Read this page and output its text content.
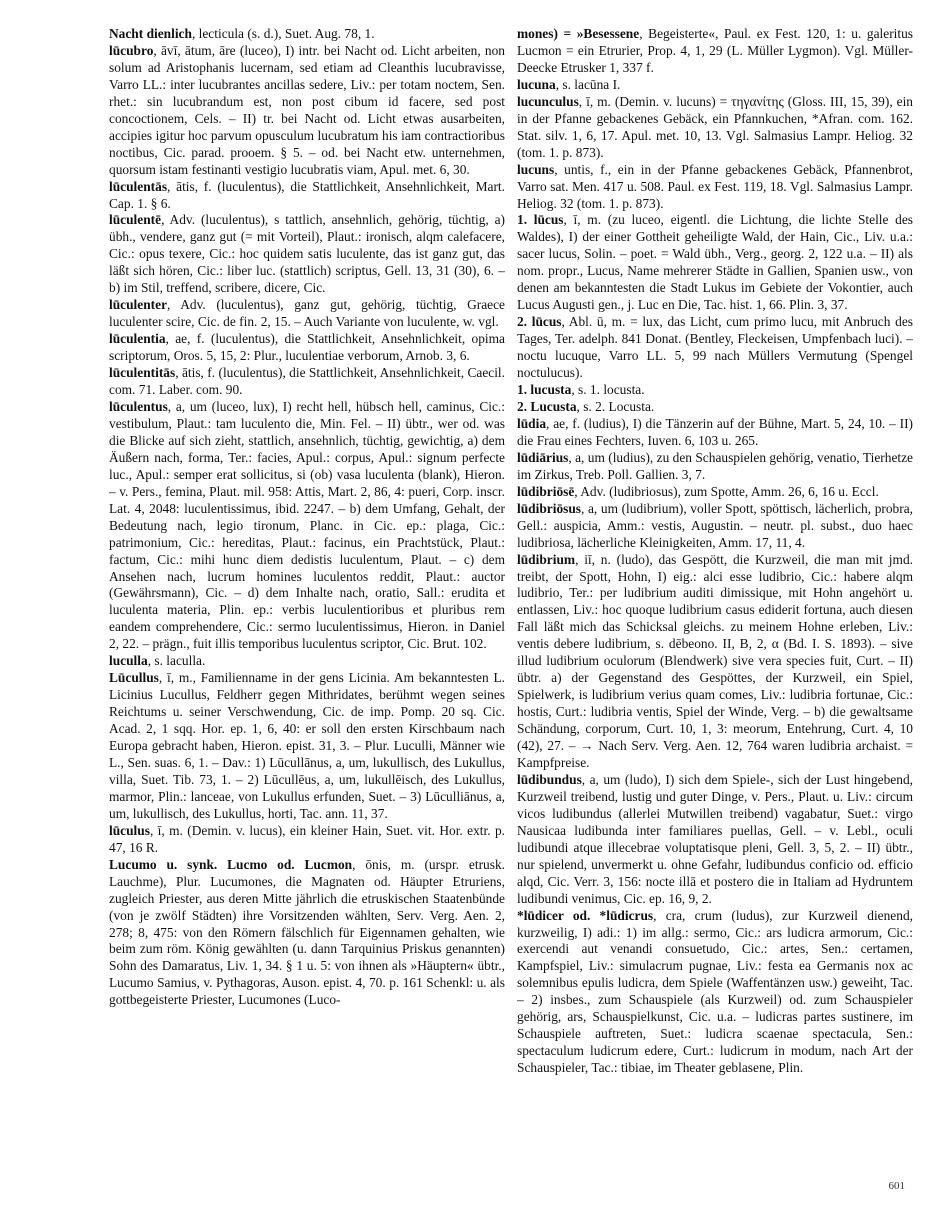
Nacht dienlich, lecticula (s. d.), Suet. Aug. 78, 1.

lūcubro, āvī, ātum, āre (luceo), I) intr. bei Nacht od. Licht arbeiten, non solum ad Aristophanis lucernam, sed etiam ad Cleanthis lucubravisse, Varro LL.: inter lucubrantes ancillas sedere, Liv.: per totam noctem, Sen. rhet.: sin lucubrandum est, non post cibum id facere, sed post concoctionem, Cels. – II) tr. bei Nacht od. Licht etwas ausarbeiten, accipies igitur hoc parvum opusculum lucubratum his iam contractioribus noctibus, Cic. parad. prooem. § 5. – od. bei Nacht etw. unternehmen, quorsum istam festinanti vestigio lucubratis viam, Apul. met. 6, 30.

lūculentās, ātis, f. (luculentus), die Stattlichkeit, Ansehnlichkeit, Mart. Cap. 1. § 6.

lūculentē, Adv. (luculentus), s tattlich, ansehnlich, gehörig, tüchtig, a) übh., vendere, ganz gut (= mit Vorteil), Plaut.: ironisch, alqm calefacere, Cic.: opus texere, Cic.: hoc quidem satis luculente, das ist ganz gut, das läßt sich hören, Cic.: liber luc. (stattlich) scriptus, Gell. 13, 31 (30), 6. – b) im Stil, treffend, scribere, dicere, Cic.

lūculenter, Adv. (luculentus), ganz gut, gehörig, tüchtig, Graece luculenter scire, Cic. de fin. 2, 15. – Auch Variante von luculente, w. vgl.

lūculentia, ae, f. (luculentus), die Stattlichkeit, Ansehnlichkeit, opima scriptorum, Oros. 5, 15, 2: Plur., luculentiae verborum, Arnob. 3, 6.

lūculentitās, ātis, f. (luculentus), die Stattlichkeit, Ansehnlichkeit, Caecil. com. 71. Laber. com. 90.

lūculentus, a, um (luceo, lux), I) recht hell, hübsch hell, caminus, Cic.: vestibulum, Plaut.: tam luculento die, Min. Fel. – II) übtr., wer od. was die Blicke auf sich zieht, stattlich, ansehnlich, tüchtig, gewichtig, a) dem Äußern nach, forma, Ter.: facies, Apul.: corpus, Apul.: signum perfecte luc., Apul.: semper erat sollicitus, si (ob) vasa luculenta (blank), Hieron. – v. Pers., femina, Plaut. mil. 958: Attis, Mart. 2, 86, 4: pueri, Corp. inscr. Lat. 4, 2048: luculentissimus, ibid. 2247. – b) dem Umfang, Gehalt, der Bedeutung nach, legio tironum, Planc. in Cic. ep.: plaga, Cic.: patrimonium, Cic.: hereditas, Plaut.: facinus, ein Prachtstück, Plaut.: factum, Cic.: mihi hunc diem dedistis luculentum, Plaut. – c) dem Ansehen nach, lucrum homines luculentos reddit, Plaut.: auctor (Gewährsmann), Cic. – d) dem Inhalte nach, oratio, Sall.: erudita et luculenta materia, Plin. ep.: verbis luculentioribus et pluribus rem eandem comprehendere, Cic.: sermo luculentissimus, Hieron. in Daniel 2, 22. – prägn., fuit illis temporibus luculentus scriptor, Cic. Brut. 102.

luculla, s. laculla.

Lūcullus, ī, m., Familienname in der gens Licinia. Am bekanntesten L. Licinius Lucullus, Feldherr gegen Mithridates, berühmt wegen seines Reichtums u. seiner Verschwendung, Cic. de imp. Pomp. 20 sq. Cic. Acad. 2, 1 sqq. Hor. ep. 1, 6, 40: er soll den ersten Kirschbaum nach Europa gebracht haben, Hieron. epist. 31, 3. – Plur. Luculli, Männer wie L., Sen. suas. 6, 1. – Dav.: 1) Lūcullānus, a, um, lukullisch, des Lukullus, villa, Suet. Tib. 73, 1. – 2) Lūcullēus, a, um, lukullēisch, des Lukullus, marmor, Plin.: lanceae, von Lukullus erfunden, Suet. – 3) Lūculliānus, a, um, lukullisch, des Lukullus, horti, Tac. ann. 11, 37.

lūculus, ī, m. (Demin. v. lucus), ein kleiner Hain, Suet. vit. Hor. extr. p. 47, 16 R.

Lucumo u. synk. Lucmo od. Lucmon, ōnis, m. (urspr. etrusk. Lauchme), Plur. Lucumones, die Magnaten od. Häupter Etruriens, zugleich Priester, aus deren Mitte jährlich die etruskischen Staatenbünde (von je zwölf Städten) ihre Vorsitzenden wählten, Serv. Verg. Aen. 2, 278; 8, 475: von den Römern fälschlich für Eigennamen gehalten, wie beim zum röm. König gewählten (u. dann Tarquinius Priskus genannten) Sohn des Damaratus, Liv. 1, 34. § 1 u. 5: von ihnen als »Häuptern« übtr., Lucumo Samius, v. Pythagoras, Auson. epist. 4, 70. p. 161 Schenkl: u. als gottbegeisterte Priester, Lucumones (Luco-

mones) = »Besessene, Begeisterte«, Paul. ex Fest. 120, 1: u. galeritus Lucmon = ein Etrurier, Prop. 4, 1, 29 (L. Müller Lygmon). Vgl. Müller-Deecke Etrusker 1, 337 f.

lucuna, s. lacūna I.

lucunculus, ī, m. (Demin. v. lucuns) = τηγανίτης (Gloss. III, 15, 39), ein in der Pfanne gebackenes Gebäck, ein Pfannkuchen, *Afran. com. 162. Stat. silv. 1, 6, 17. Apul. met. 10, 13. Vgl. Salmasius Lampr. Heliog. 32 (tom. 1. p. 873).

lucuns, untis, f., ein in der Pfanne gebackenes Gebäck, Pfannenbrot, Varro sat. Men. 417 u. 508. Paul. ex Fest. 119, 18. Vgl. Salmasius Lampr. Heliog. 32 (tom. 1. p. 873).

1. lūcus, ī, m. (zu luceo, eigentl. die Lichtung, die lichte Stelle des Waldes), I) der einer Gottheit geheiligte Wald, der Hain, Cic., Liv. u.a.: sacer lucus, Solin. – poet. = Wald übh., Verg., georg. 2, 122 u.a. – II) als nom. propr., Lucus, Name mehrerer Städte in Gallien, Spanien usw., von denen am bekanntesten die Stadt Lukus im Gebiete der Vokontier, auch Lucus Augusti gen., j. Luc en Die, Tac. hist. 1, 66. Plin. 3, 37.

2. lūcus, Abl. ū, m. = lux, das Licht, cum primo lucu, mit Anbruch des Tages, Ter. adelph. 841 Donat. (Bentley, Fleckeisen, Umpfenbach luci). – noctu lucuque, Varro LL. 5, 99 nach Müllers Vermutung (Spengel noctulucus).

1. lucusta, s. 1. locusta.

2. Lucusta, s. 2. Locusta.

lūdia, ae, f. (ludius), I) die Tänzerin auf der Bühne, Mart. 5, 24, 10. – II) die Frau eines Fechters, Iuven. 6, 103 u. 265.

lūdiārius, a, um (ludius), zu den Schauspielen gehörig, venatio, Tierhetze im Zirkus, Treb. Poll. Gallien. 3, 7.

lūdibriōsē, Adv. (ludibriosus), zum Spotte, Amm. 26, 6, 16 u. Eccl.

lūdibriōsus, a, um (ludibrium), voller Spott, spöttisch, lächerlich, probra, Gell.: auspicia, Amm.: vestis, Augustin. – neutr. pl. subst., duo haec ludibriosa, lächerliche Kleinigkeiten, Amm. 17, 11, 4.

lūdibrium, iī, n. (ludo), das Gespött, die Kurzweil, die man mit jmd. treibt, der Spott, Hohn, I) eig.: alci esse ludibrio, Cic.: habere alqm ludibrio, Ter.: per ludibrium auditi dimissique, mit Hohn angehört u. entlassen, Liv.: hoc quoque ludibrium casus ediderit fortuna, auch diesen Fall läßt mich das Schicksal gleichs. zu meinem Hohne erleben, Liv.: ventis debere ludibrium, s. dēbeono. II, B, 2, α (Bd. I. S. 1893). – sive illud ludibrium oculorum (Blendwerk) sive vera species fuit, Curt. – II) übtr. a) der Gegenstand des Gespöttes, der Kurzweil, ein Spiel, Spielwerk, is ludibrium verius quam comes, Liv.: ludibria fortunae, Cic.: hostis, Curt.: ludibria ventis, Spiel der Winde, Verg. – b) die gewaltsame Schändung, corporum, Curt. 10, 1, 3: meorum, Entehrung, Curt. 4, 10 (42), 27. – → Nach Serv. Verg. Aen. 12, 764 waren ludibria archaist. = Kampfpreise.

lūdibundus, a, um (ludo), I) sich dem Spiele-, sich der Lust hingebend, Kurzweil treibend, lustig und guter Dinge, v. Pers., Plaut. u. Liv.: circum vicos ludibundus (allerlei Mutwillen treibend) vagabatur, Suet.: virgo Nausicaa ludibunda inter familiares puellas, Gell. – v. Lebl., oculi ludibundi atque illecebrae voluptatisque pleni, Gell. 3, 5, 2. – II) übtr., nur spielend, unvermerkt u. ohne Gefahr, ludibundus conficio od. efficio alqd, Cic. Verr. 3, 156: nocte illā et postero die in Italiam ad Hydruntem ludibundi venimus, Cic. ep. 16, 9, 2.

*lūdicer od. *lūdicrus, cra, crum (ludus), zur Kurzweil dienend, kurzweilig, I) adi.: 1) im allg.: sermo, Cic.: ars ludicra armorum, Cic.: exercendi aut venandi consuetudo, Cic.: artes, Sen.: certamen, Kampfspiel, Liv.: simulacrum pugnae, Liv.: festa ea Germanis nox ac solemnibus epulis ludicra, dem Spiele (Waffentänzen usw.) geweiht, Tac. – 2) insbes., zum Schauspiele (als Kurzweil) od. zum Schauspieler gehörig, ars, Schauspielkunst, Cic. u.a. – ludicras partes sustinere, im Schauspiele auftreten, Suet.: ludicra scaenae spectacula, Sen.: spectaculum ludicrum edere, Curt.: ludicrum in modum, nach Art der Schauspieler, Tac.: tibiae, im Theater geblasene, Plin.

601
